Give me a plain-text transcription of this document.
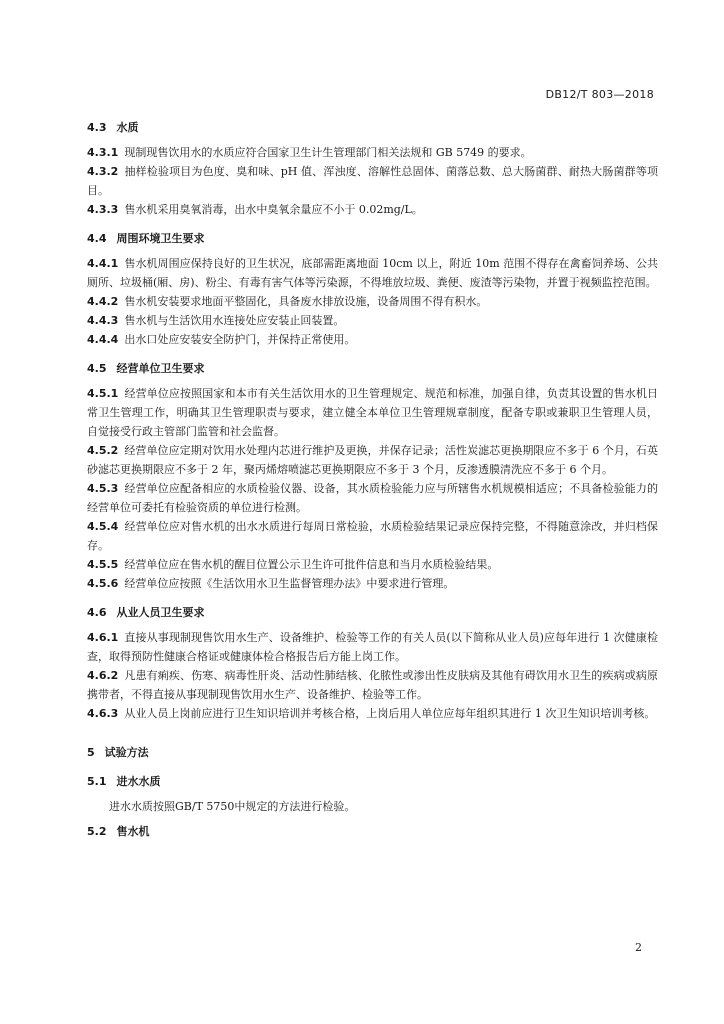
DB12/T 803—2018

4.3 水质

4.3.1 现制现售饮用水的水质应符合国家卫生计生管理部门相关法规和 GB 5749 的要求。

4.3.2 抽样检验项目为色度、臭和味、pH 值、浑浊度、溶解性总固体、菌落总数、总大肠菌群、耐热大肠菌群等项目。

4.3.3 售水机采用臭氧消毒，出水中臭氧余量应不小于 0.02mg/L。

4.4 周围环境卫生要求

4.4.1 售水机周围应保持良好的卫生状况，底部需距离地面 10cm 以上，附近 10m 范围不得存在禽畜饲养场、公共厕所、垃圾桶(厢、房)、粉尘、有毒有害气体等污染源，不得堆放垃圾、粪便、废渣等污染物，并置于视频监控范围。

4.4.2 售水机安装要求地面平整固化，具备废水排放设施，设备周围不得有积水。

4.4.3 售水机与生活饮用水连接处应安装止回装置。

4.4.4 出水口处应安装安全防护门，并保持正常使用。

4.5 经营单位卫生要求

4.5.1 经营单位应按照国家和本市有关生活饮用水的卫生管理规定、规范和标准，加强自律，负责其设置的售水机日常卫生管理工作，明确其卫生管理职责与要求，建立健全本单位卫生管理规章制度，配备专职或兼职卫生管理人员，自觉接受行政主管部门监管和社会监督。

4.5.2 经营单位应定期对饮用水处理内芯进行维护及更换，并保存记录；活性炭滤芯更换期限应不多于 6 个月，石英砂滤芯更换期限应不多于 2 年，聚丙烯熔喷滤芯更换期限应不多于 3 个月，反渗透膜清洗应不多于 6 个月。

4.5.3 经营单位应配备相应的水质检验仪器、设备，其水质检验能力应与所辖售水机规模相适应；不具备检验能力的经营单位可委托有检验资质的单位进行检测。

4.5.4 经营单位应对售水机的出水水质进行每周日常检验，水质检验结果记录应保持完整，不得随意涂改，并归档保存。

4.5.5 经营单位应在售水机的醒目位置公示卫生许可批件信息和当月水质检验结果。

4.5.6 经营单位应按照《生活饮用水卫生监督管理办法》中要求进行管理。

4.6 从业人员卫生要求

4.6.1 直接从事现制现售饮用水生产、设备维护、检验等工作的有关人员(以下简称从业人员)应每年进行 1 次健康检查，取得预防性健康合格证或健康体检合格报告后方能上岗工作。

4.6.2 凡患有痢疾、伤寒、病毒性肝炎、活动性肺结核、化脓性或渗出性皮肤病及其他有碍饮用水卫生的疾病或病原携带者，不得直接从事现制现售饮用水生产、设备维护、检验等工作。

4.6.3 从业人员上岗前应进行卫生知识培训并考核合格，上岗后用人单位应每年组织其进行 1 次卫生知识培训考核。

5 试验方法

5.1 进水水质

进水水质按照GB/T 5750中规定的方法进行检验。

5.2 售水机

2
